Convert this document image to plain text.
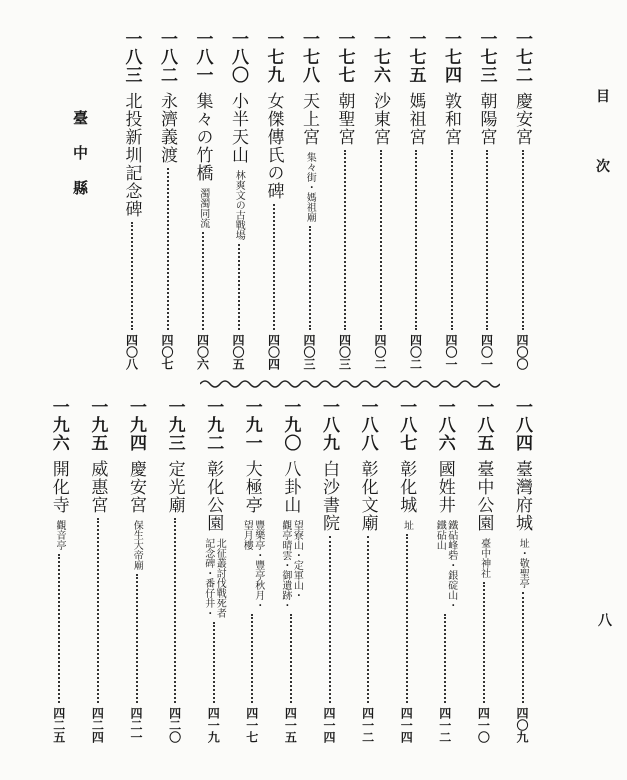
目
次
八
臺中縣
一七二
慶安宮
四〇〇
一七三
朝陽宮
四〇一
一七四
敦和宮
四〇一
一七五
媽祖宮
四〇二
一七六
沙東宮
四〇二
一七七
朝聖宮
四〇三
一七八
天上宮
集々街・媽祖廟
四〇三
一七九
女傑傳氏の碑
四〇四
一八〇
小半天山
林爽文の古戰場
四〇五
一八一
集々の竹橋
濁濁同流
四〇六
一八二
永濟義渡
四〇七
一八三
北投新圳記念碑
四〇八
一八四
臺灣府城
址・敬聖亭
四〇九
一八五
臺中公園
臺中神社
四一〇
一八六
國姓井
鐵砧峰砦・銀碇山・
鐵砧山
四一二
一八七
彰化城
址
四一四
一八八
彰化文廟
四一二
一八九
白沙書院
四一四
一九〇
八卦山
望寮山・定軍山・
觀亭晴雲・御遺跡・
四一五
一九一
大極亭
豐樂亭・豐亭秋月・
望月樓
四一七
一九二
彰化公園
北征叢討伐戰死者
記念碑・番仔井・
四一九
一九三
定光廟
四二〇
一九四
慶安宮
保生大帝廟
四二一
一九五
威惠宮
四二四
一九六
開化寺
觀音亭
四二五
